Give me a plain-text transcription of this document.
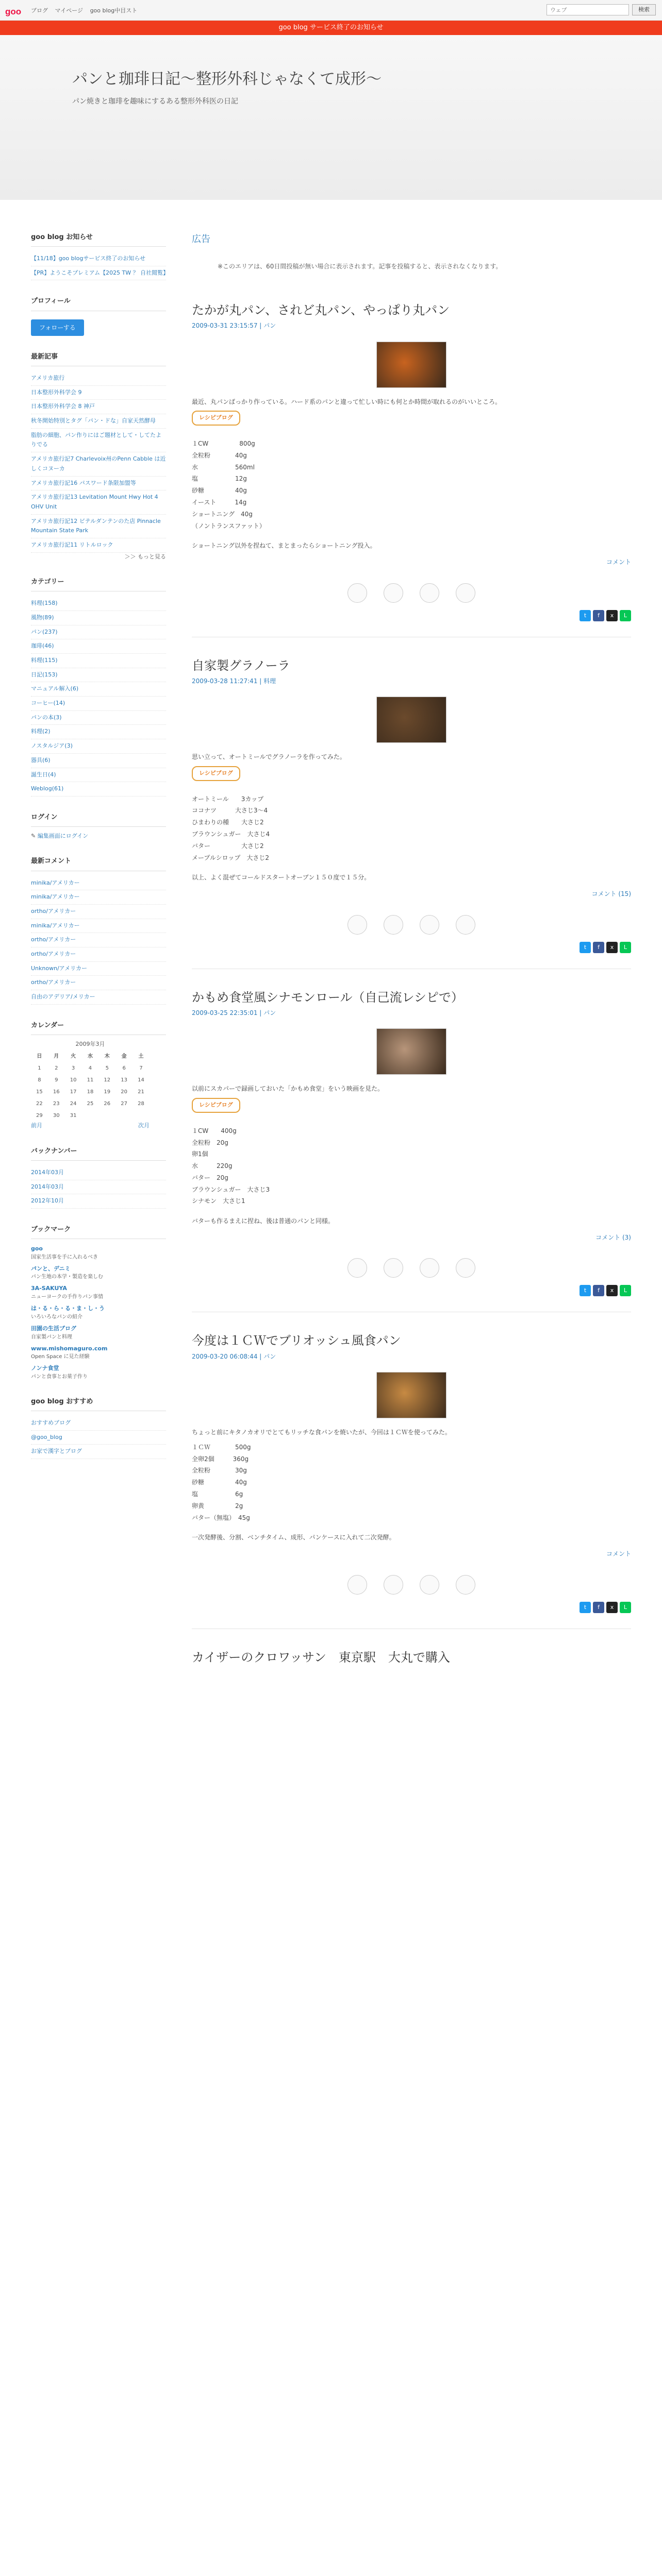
goo ブログ マイページ goo blog中目スト	ウェブ	検索
goo blog サービス終了のお知らせ
パンと珈琲日記〜整形外科じゃなくて成形〜
パン焼きと珈琲を趣味にするある整形外科医の日記
goo blog お知らせ
【11/18】goo blogサービス終了のお知らせ
【PR】ようこそプレミアム【2025 TW ？ 自社閲覧】
プロフィール
フォローする
最新記事
アメリカ旅行
日本整形外科学会 9
日本整形外科学会 8 神戸
秋冬開始特別とタグ「パン・ドな」自家天然酵母
脂肪の細胞、パン作りにはご題材として・してたよりでる
アメリカ旅行記7 Charlevoix州のPenn Cabble は近しくコヌーカ
アメリカ旅行記16 パスワード条限加盟等
アメリカ旅行記13 Levitation Mount Hwy Hot 4 OHV Unit
アメリカ旅行記12 ビテルダンテンのた店 Pinnacle Mountain State Park
アメリカ旅行記11 リトルロック
＞＞ もっと見る
カテゴリー
料理(158)
風物(89)
パン(237)
珈琲(46)
料理(115)
日記(153)
マニュアル解入(6)
コーヒー(14)
パンの本(3)
料理(2)
ノスタルジア(3)
器具(6)
誕生日(4)
Weblog(61)
ログイン
✎ 編集画面にログイン
最新コメント
minika/アメリカー
minika/アメリカー
ortho/アメリカー
minika/アメリカー
ortho/アメリカー
ortho/アメリカー
Unknown/アメリカー
ortho/アメリカー
自由のアデリア/メリカー
カレンダー
2009年3月
日	月	火	水	木	金	土
1	2	3	4	5	6	7
8	9	10	11	12	13	14
15	16	17	18	19	20	21
22	23	24	25	26	27	28
29	30	31				
前月	次月
バックナンバー
2014年03月
2014年03月
2012年10月
ブックマーク
goo
国家生活事を手に入れるべき
パンと、デニミ
パン生地の本学・製造を楽しむ
3A-SAKUYA
ニューヨークの手作りパン事情
は・る・ら・る・ま・し・う
いろいろなパンの紹介
田園の生活ブログ
自家製パンと料理
www.mishomaguro.com
Open Space に見た経験
ノンナ食堂
パンと食事とお菓子作り
goo blog おすすめ
おすすめブログ
@goo_blog
お家で漢字とブログ
広告
※このエリアは、60日間投稿が無い場合に表示されます。記事を投稿すると、表示されなくなります。
たかが丸パン、されど丸パン、やっぱり丸パン
2009-03-31 23:15:57 | パン
最近、丸パンばっかり作っている。ハード系のパンと違って忙しい時にも何とか時間が取れるのがいいところ。
レシピブログ
１CW　　　　　800g
全粒粉　　　　40g
水　　　　　　560ml
塩　　　　　　12g
砂糖　　　　　40g
イースト　　　14g
ショートニング　40g
（ノントランスファット）
ショートニング以外を捏ねて、まとまったらショートニング投入。
コメント
t	f	x	L
自家製グラノーラ
2009-03-28 11:27:41 | 料理
思い立って、オートミールでグラノーラを作ってみた。
レシピブログ
オートミール　　3カップ
ココナツ　　　大さじ3〜4
ひまわりの種　　大さじ2
ブラウンシュガー　大さじ4
バター　　　　　大さじ2
メープルシロップ　大さじ2
以上、よく混ぜてコールドスタートオーブン１５０度で１５分。
コメント (15)
t	f	x	L
かもめ食堂風シナモンロール（自己流レシピで）
2009-03-25 22:35:01 | パン
以前にスカパーで録画しておいた「かもめ食堂」をいう映画を見た。
レシピブログ
１CW　　400g
全粒粉　20g
卵1個
水　　　220g
バター　20g
ブラウンシュガー　大さじ3
シナモン　大さじ1
バターも作るまえに捏ね、後は普通のパンと同様。
コメント (3)
t	f	x	L
今度は１ＣＷでブリオッシュ風食パン
2009-03-20 06:08:44 | パン
ちょっと前にキタノカオリでとてもリッチな食パンを焼いたが、今回は１ＣＷを使ってみた。
１ＣＷ　　　　500g
全卵2個　　　360g
全粒粉　　　　30g
砂糖　　　　　40g
塩　　　　　　6g
卵黄　　　　　2g
バター（無塩）　45g
一次発酵後、分割、ベンチタイム、成形、パンケースに入れて二次発酵。
コメント
t	f	x	L
カイザーのクロワッサン　東京駅　大丸で購入
